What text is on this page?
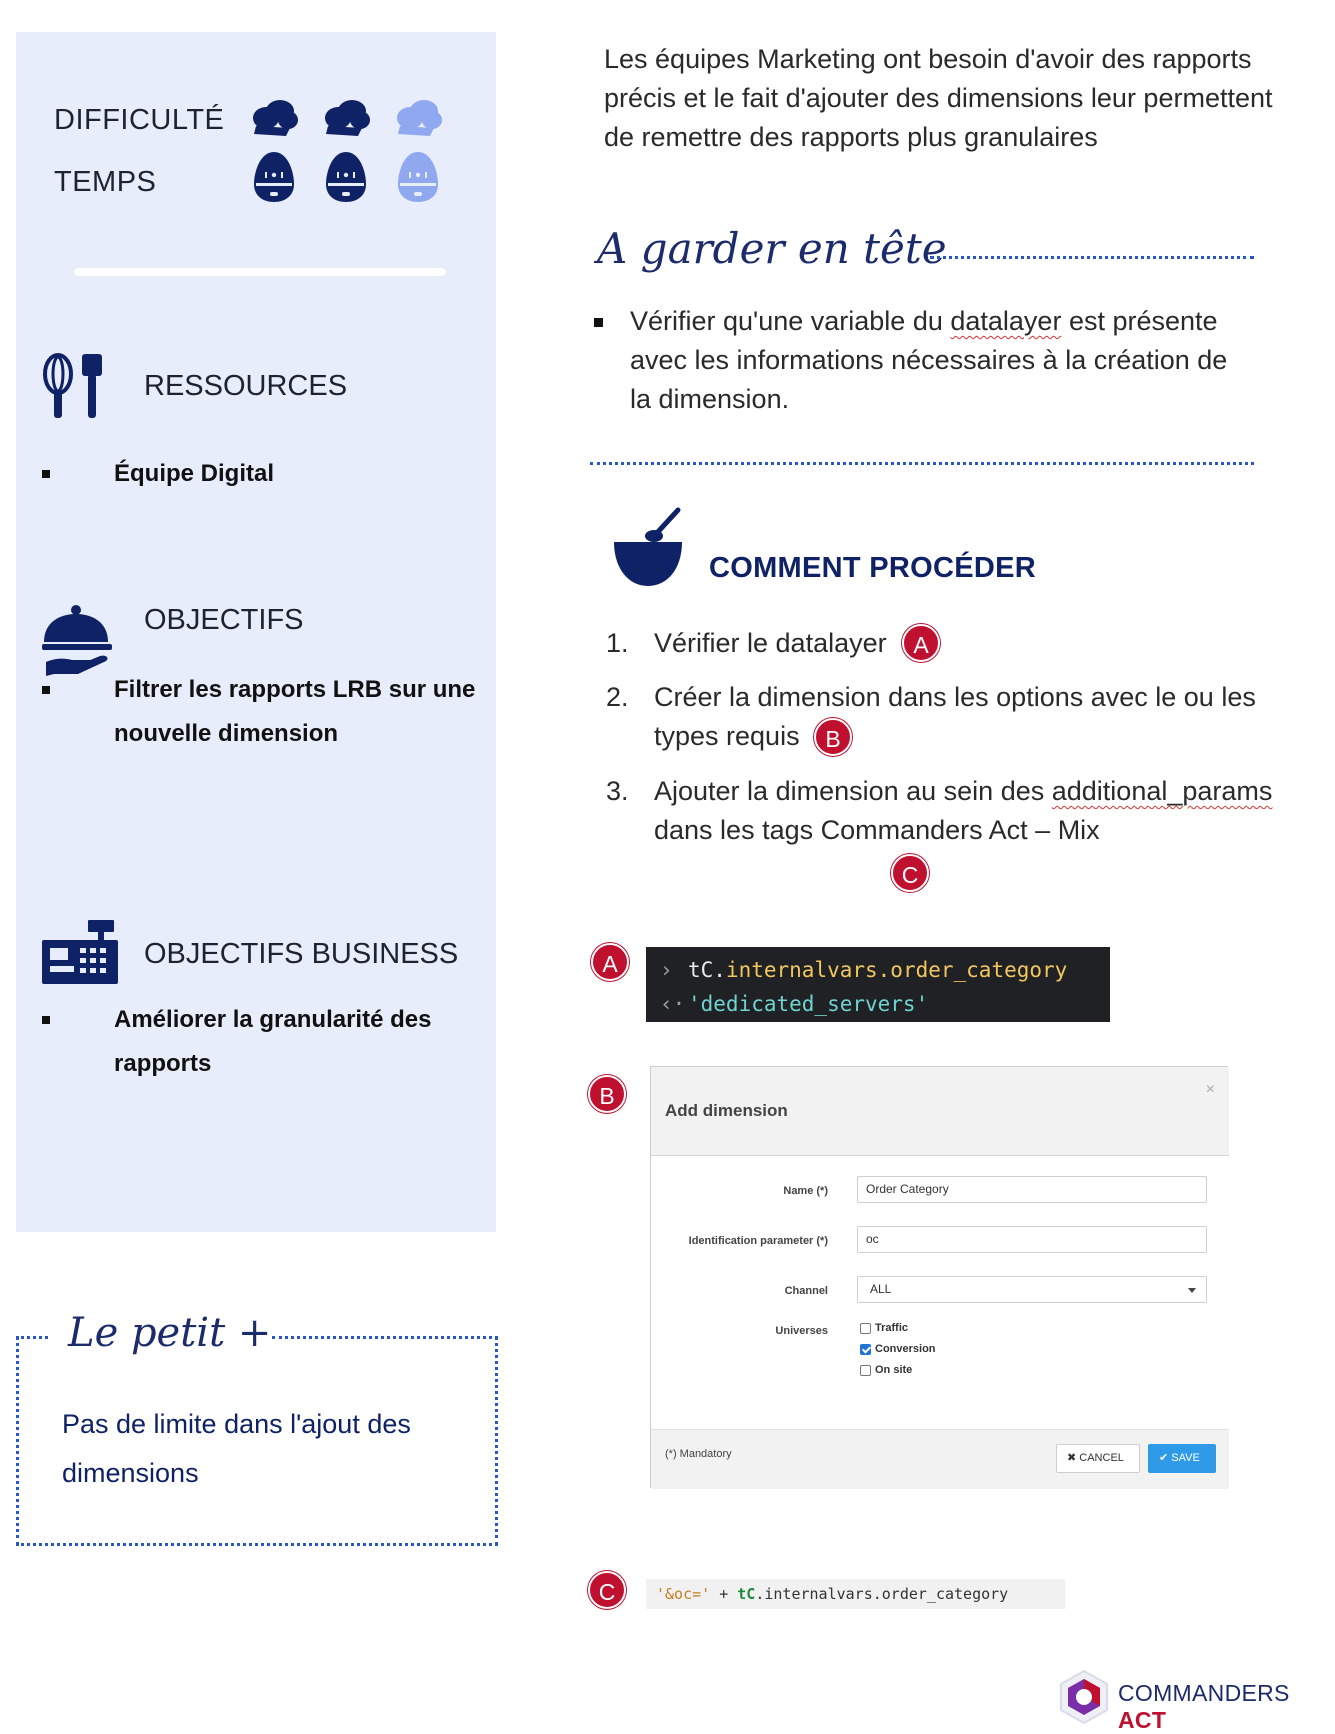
DIFFICULTÉ
TEMPS
RESSOURCES
Équipe Digital
OBJECTIFS
Filtrer les rapports LRB sur une nouvelle dimension
OBJECTIFS BUSINESS
Améliorer la granularité des rapports
Le petit +

Pas de limite dans l'ajout des dimensions

Les équipes Marketing ont besoin d'avoir des rapports précis et le fait d'ajouter des dimensions leur permettent de remettre des rapports plus granulaires

A garder en tête
Vérifier qu'une variable du datalayer est présente avec les informations nécessaires à la création de la dimension.
COMMENT PROCÉDER
1. Vérifier le datalayer	A
2. Créer la dimension dans les options avec le ou les types requis	B
3. Ajouter la dimension au sein des additional_params dans les tags Commanders Act – Mix
C
A	› tC.internalvars.order_category
‹· 'dedicated_servers'
B
Add dimension
×
Name (*)	Order Category
Identification parameter (*)	oc
Channel	ALL
Universes	Traffic
Conversion
On site
(*) Mandatory	✖ CANCEL	✔ SAVE
C	'&oc=' + tC.internalvars.order_category
COMMANDERS ACT
